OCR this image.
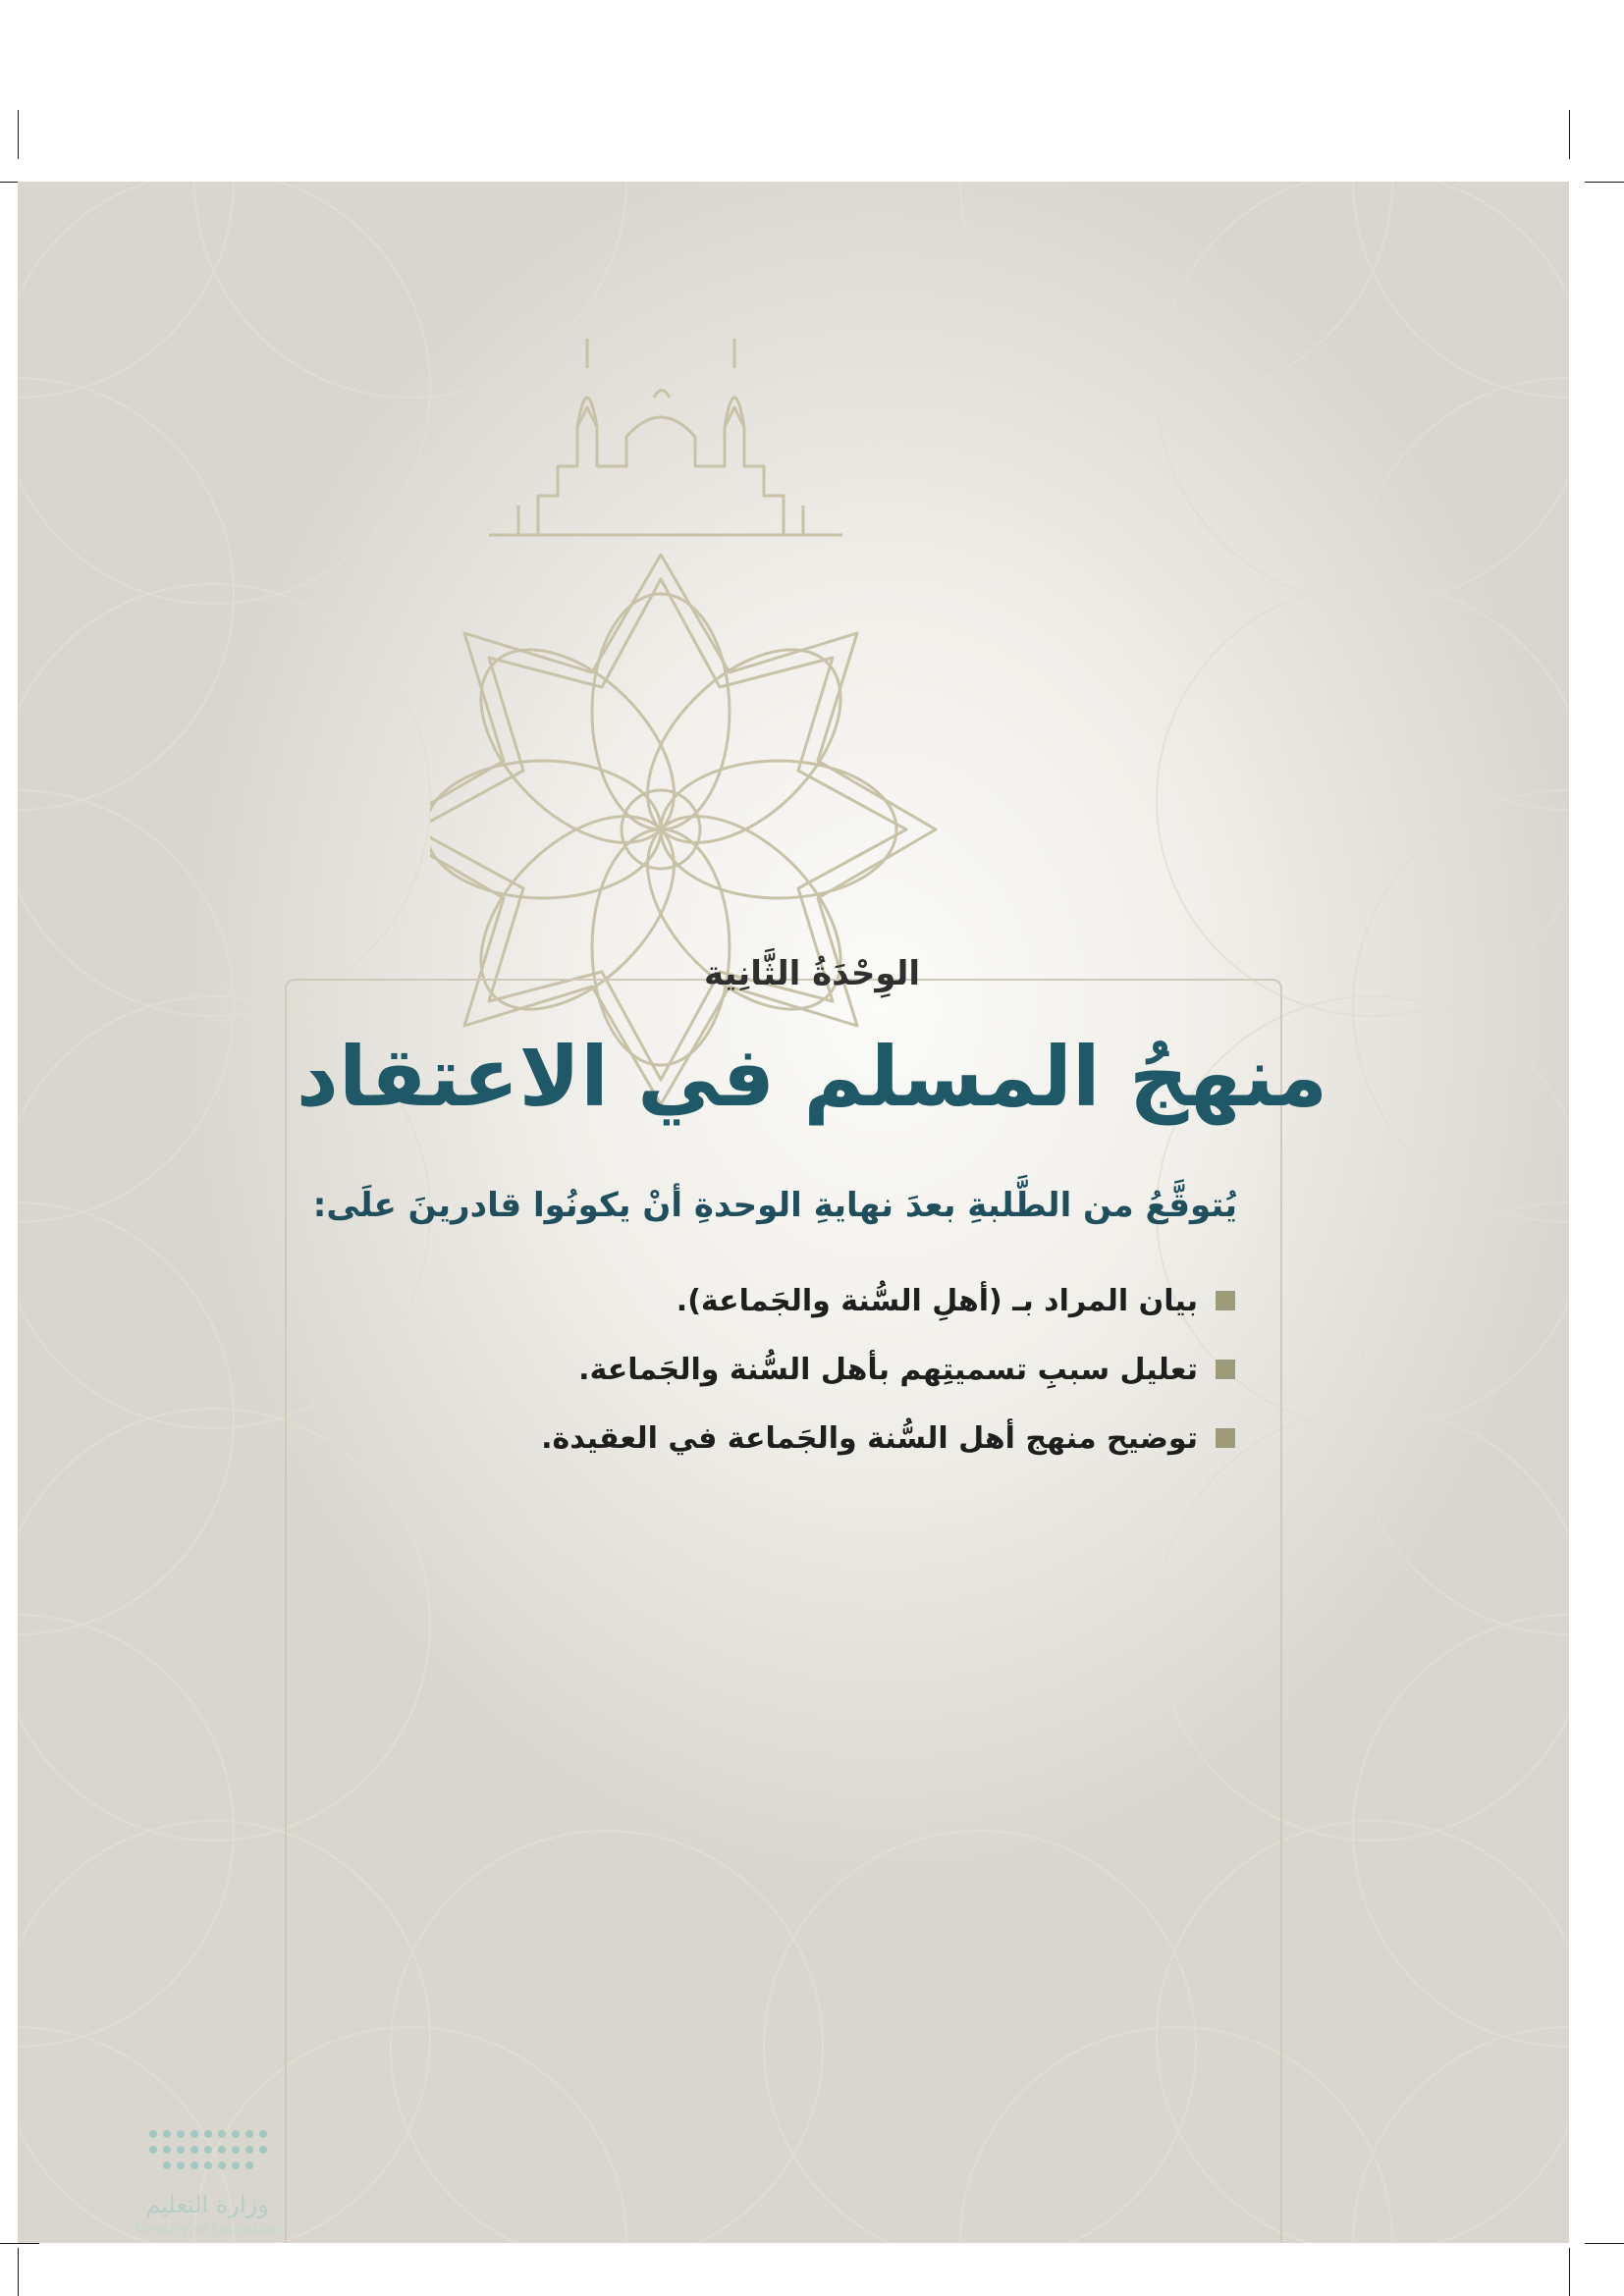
وزارة التعليم
Ministry of Education
الوِحْدَةُ الثَّانِية
منهجُ المسلم في الاعتقاد
يُتوقَّعُ من الطَّلبةِ بعدَ نهايةِ الوحدةِ أنْ يكونُوا قادرينَ علَى:
بيان المراد بـ (أهلِ السُّنة والجَماعة).
تعليل سببِ تسميتِهم بأهل السُّنة والجَماعة.
توضيح منهج أهل السُّنة والجَماعة في العقيدة.
